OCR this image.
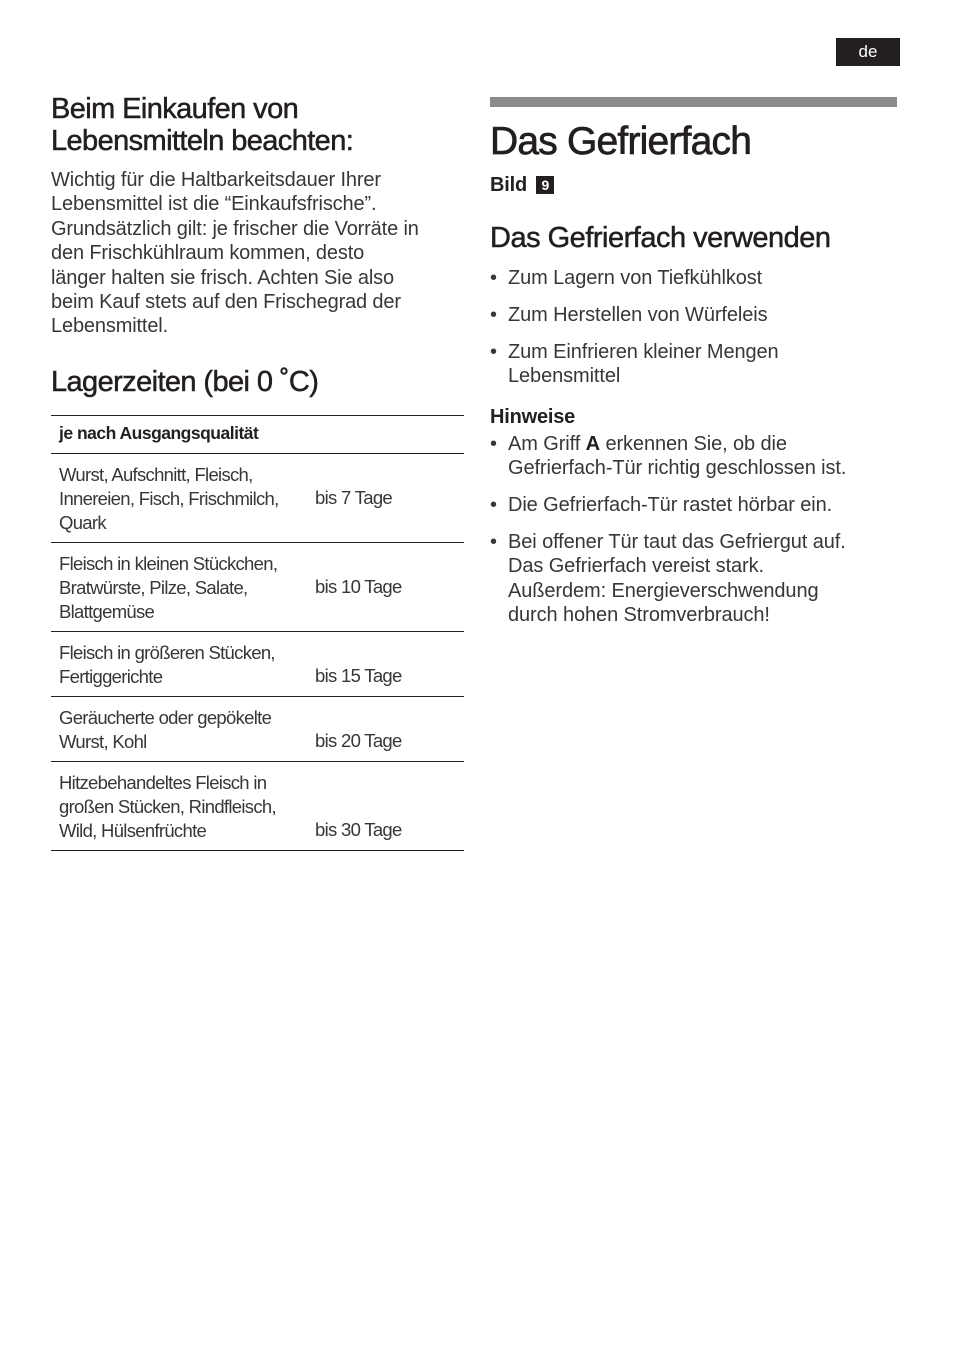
de
Beim Einkaufen von
Lebensmitteln beachten:

Wichtig für die Haltbarkeitsdauer Ihrer
Lebensmittel ist die “Einkaufsfrische”.
Grundsätzlich gilt: je frischer die Vorräte in
den Frischkühlraum kommen, desto
länger halten sie frisch. Achten Sie also
beim Kauf stets auf den Frischegrad der
Lebensmittel.

Lagerzeiten (bei 0 ˚C)
je nach Ausgangsqualität	

Wurst, Aufschnitt, Fleisch,
Innereien, Fisch, Frischmilch,
Quark	bis 7 Tage

Fleisch in kleinen Stückchen,
Bratwürste, Pilze, Salate,
Blattgemüse	bis 10 Tage

Fleisch in größeren Stücken,
Fertiggerichte	bis 15 Tage

Geräucherte oder gepökelte
Wurst, Kohl	bis 20 Tage

Hitzebehandeltes Fleisch in
großen Stücken, Rindfleisch,
Wild, Hülsenfrüchte	bis 30 Tage
Das Gefrierfach
Bild 9
Das Gefrierfach verwenden
• Zum Lagern von Tiefkühlkost
• Zum Herstellen von Würfeleis
• Zum Einfrieren kleiner Mengen
Lebensmittel
Hinweise
• Am Griff A erkennen Sie, ob die
Gefrierfach-Tür richtig geschlossen ist.
• Die Gefrierfach-Tür rastet hörbar ein.
• Bei offener Tür taut das Gefriergut auf.
Das Gefrierfach vereist stark.
Außerdem: Energieverschwendung
durch hohen Stromverbrauch!
